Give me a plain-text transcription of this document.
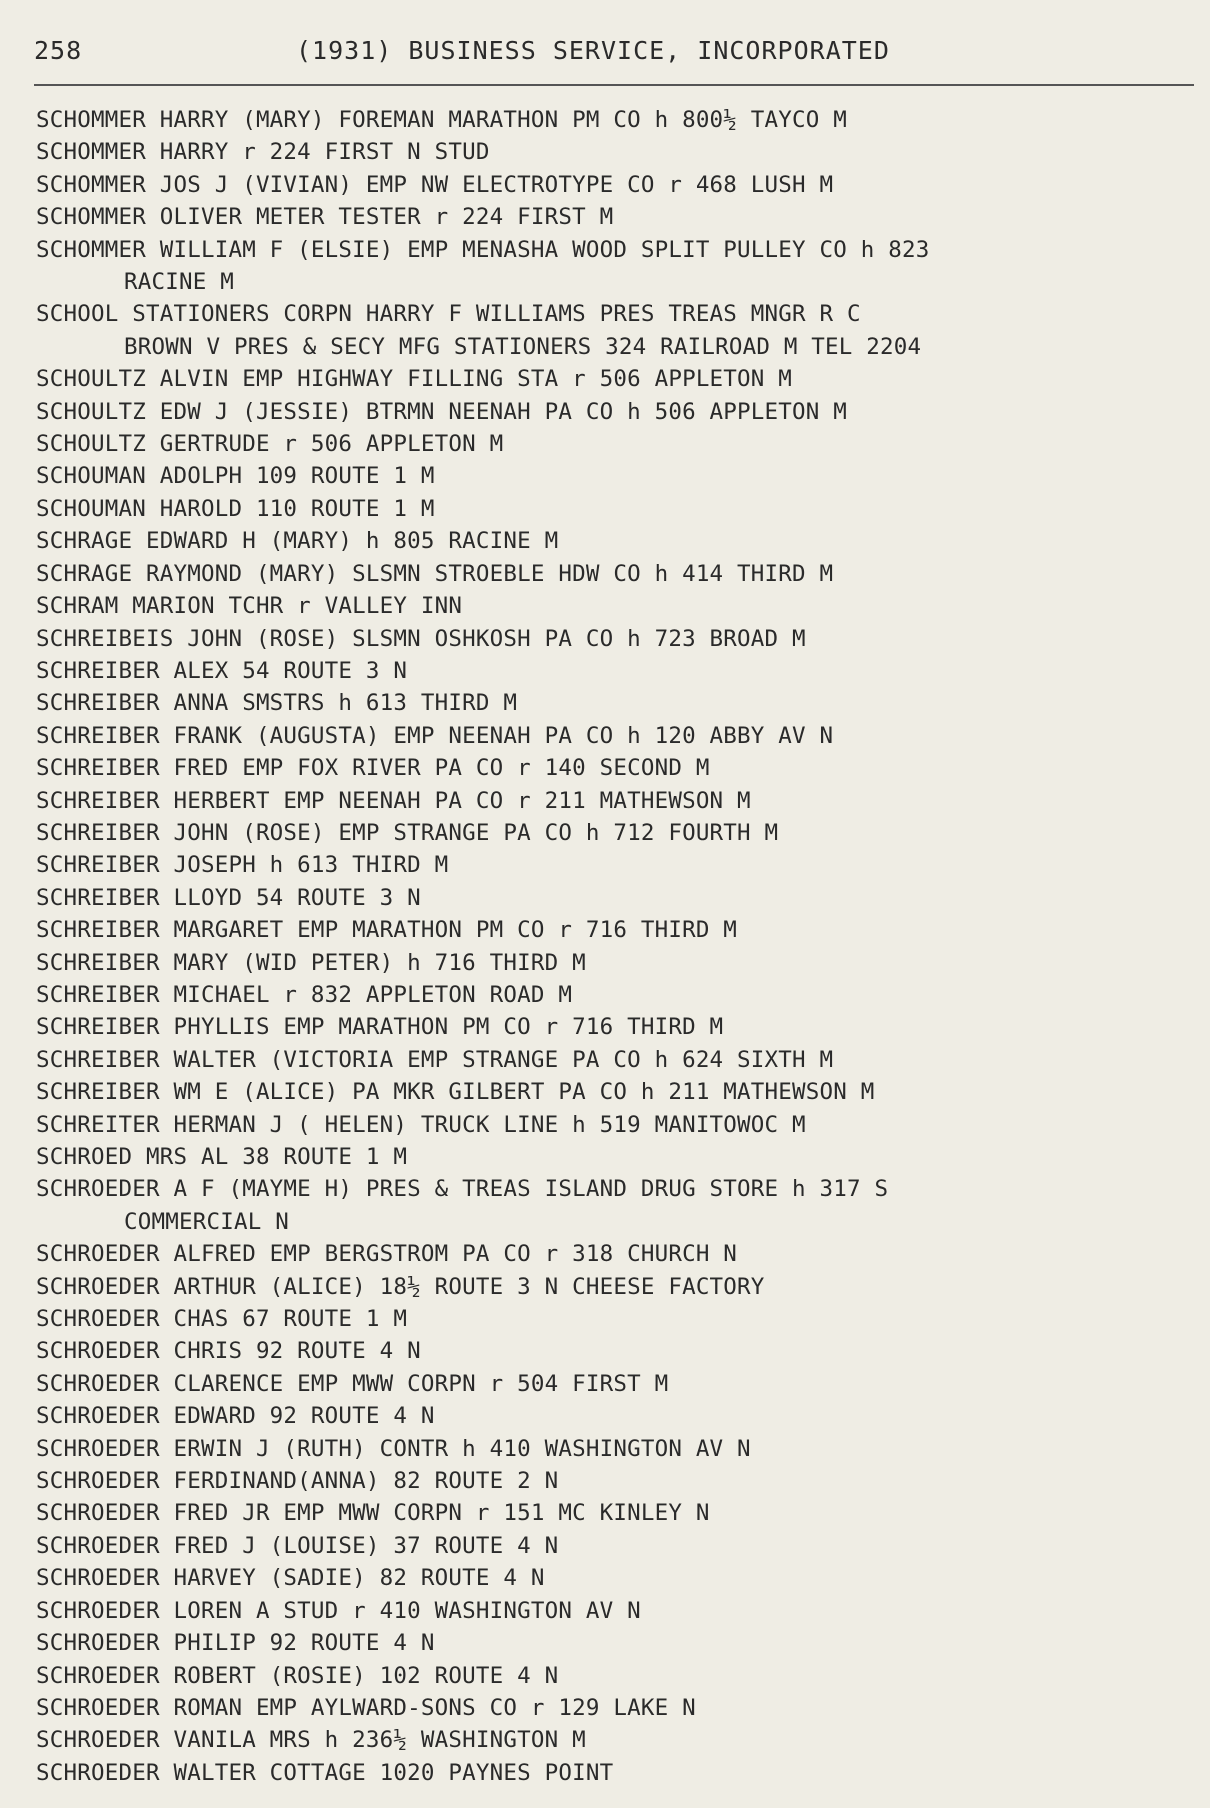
258	(1931) BUSINESS SERVICE, INCORPORATED
SCHOMMER HARRY (MARY) FOREMAN MARATHON PM CO h 800½ TAYCO M
SCHOMMER HARRY r 224 FIRST N STUD
SCHOMMER JOS J (VIVIAN) EMP NW ELECTROTYPE CO r 468 LUSH M
SCHOMMER OLIVER METER TESTER r 224 FIRST M
SCHOMMER WILLIAM F (ELSIE) EMP MENASHA WOOD SPLIT PULLEY CO h 823
RACINE M
SCHOOL STATIONERS CORPN HARRY F WILLIAMS PRES TREAS MNGR R C
BROWN V PRES & SECY MFG STATIONERS 324 RAILROAD M TEL 2204
SCHOULTZ ALVIN EMP HIGHWAY FILLING STA r 506 APPLETON M
SCHOULTZ EDW J (JESSIE) BTRMN NEENAH PA CO h 506 APPLETON M
SCHOULTZ GERTRUDE r 506 APPLETON M
SCHOUMAN ADOLPH 109 ROUTE 1 M
SCHOUMAN HAROLD 110 ROUTE 1 M
SCHRAGE EDWARD H (MARY) h 805 RACINE M
SCHRAGE RAYMOND (MARY) SLSMN STROEBLE HDW CO h 414 THIRD M
SCHRAM MARION TCHR r VALLEY INN
SCHREIBEIS JOHN (ROSE) SLSMN OSHKOSH PA CO h 723 BROAD M
SCHREIBER ALEX 54 ROUTE 3 N
SCHREIBER ANNA SMSTRS h 613 THIRD M
SCHREIBER FRANK (AUGUSTA) EMP NEENAH PA CO h 120 ABBY AV N
SCHREIBER FRED EMP FOX RIVER PA CO r 140 SECOND M
SCHREIBER HERBERT EMP NEENAH PA CO r 211 MATHEWSON M
SCHREIBER JOHN (ROSE) EMP STRANGE PA CO h 712 FOURTH M
SCHREIBER JOSEPH h 613 THIRD M
SCHREIBER LLOYD 54 ROUTE 3 N
SCHREIBER MARGARET EMP MARATHON PM CO r 716 THIRD M
SCHREIBER MARY (WID PETER) h 716 THIRD M
SCHREIBER MICHAEL r 832 APPLETON ROAD M
SCHREIBER PHYLLIS EMP MARATHON PM CO r 716 THIRD M
SCHREIBER WALTER (VICTORIA EMP STRANGE PA CO h 624 SIXTH M
SCHREIBER WM E (ALICE) PA MKR GILBERT PA CO h 211 MATHEWSON M
SCHREITER HERMAN J ( HELEN) TRUCK LINE h 519 MANITOWOC M
SCHROED MRS AL 38 ROUTE 1 M
SCHROEDER A F (MAYME H) PRES & TREAS ISLAND DRUG STORE h 317 S
COMMERCIAL N
SCHROEDER ALFRED EMP BERGSTROM PA CO r 318 CHURCH N
SCHROEDER ARTHUR (ALICE) 18½ ROUTE 3 N CHEESE FACTORY
SCHROEDER CHAS 67 ROUTE 1 M
SCHROEDER CHRIS 92 ROUTE 4 N
SCHROEDER CLARENCE EMP MWW CORPN r 504 FIRST M
SCHROEDER EDWARD 92 ROUTE 4 N
SCHROEDER ERWIN J (RUTH) CONTR h 410 WASHINGTON AV N
SCHROEDER FERDINAND(ANNA) 82 ROUTE 2 N
SCHROEDER FRED JR EMP MWW CORPN r 151 MC KINLEY N
SCHROEDER FRED J (LOUISE) 37 ROUTE 4 N
SCHROEDER HARVEY (SADIE) 82 ROUTE 4 N
SCHROEDER LOREN A STUD r 410 WASHINGTON AV N
SCHROEDER PHILIP 92 ROUTE 4 N
SCHROEDER ROBERT (ROSIE) 102 ROUTE 4 N
SCHROEDER ROMAN EMP AYLWARD-SONS CO r 129 LAKE N
SCHROEDER VANILA MRS h 236½ WASHINGTON M
SCHROEDER WALTER COTTAGE 1020 PAYNES POINT
